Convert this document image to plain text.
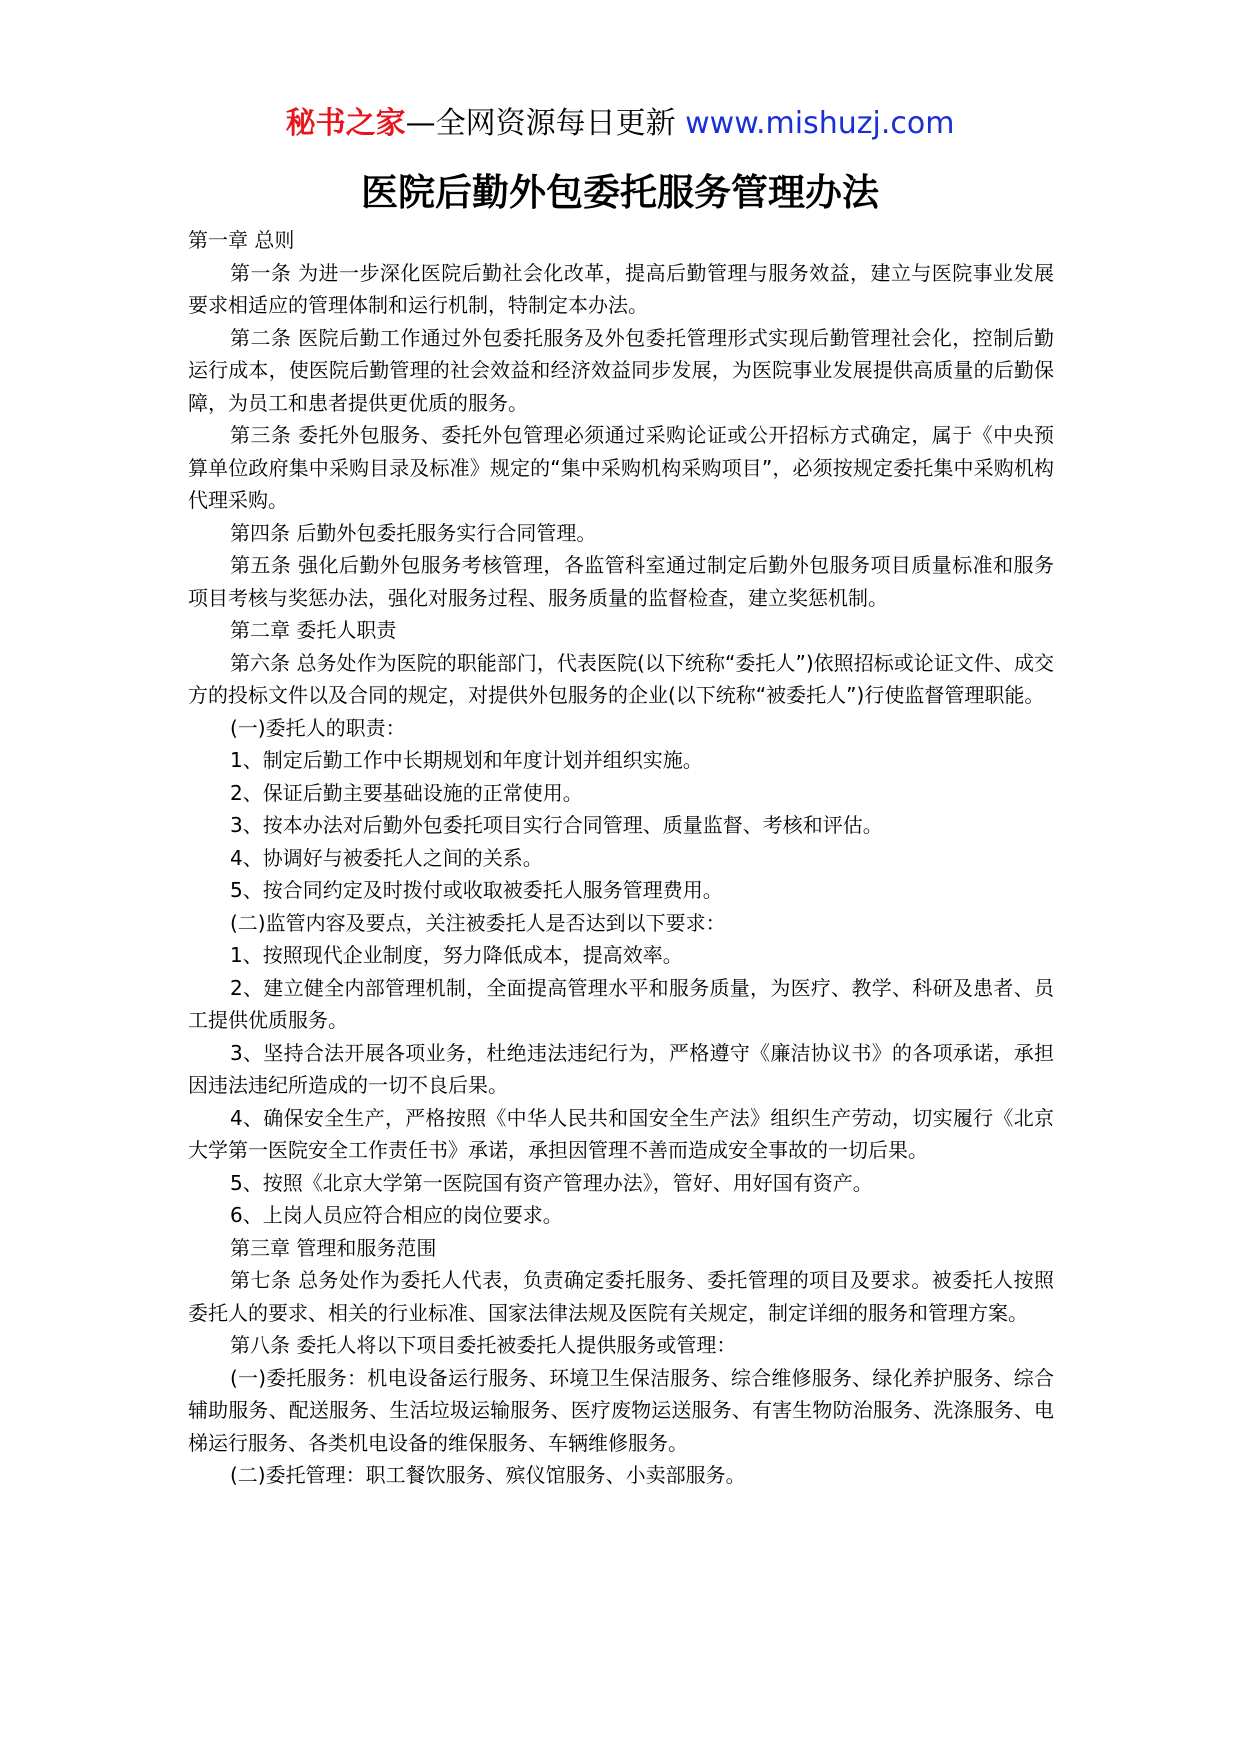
秘书之家—全网资源每日更新 www.mishuzj.com
医院后勤外包委托服务管理办法

第一章 总则

第一条 为进一步深化医院后勤社会化改革，提高后勤管理与服务效益，建立与医院事业发展要求相适应的管理体制和运行机制，特制定本办法。

第二条 医院后勤工作通过外包委托服务及外包委托管理形式实现后勤管理社会化，控制后勤运行成本，使医院后勤管理的社会效益和经济效益同步发展，为医院事业发展提供高质量的后勤保障，为员工和患者提供更优质的服务。

第三条 委托外包服务、委托外包管理必须通过采购论证或公开招标方式确定，属于《中央预算单位政府集中采购目录及标准》规定的“集中采购机构采购项目”，必须按规定委托集中采购机构代理采购。

第四条 后勤外包委托服务实行合同管理。

第五条 强化后勤外包服务考核管理，各监管科室通过制定后勤外包服务项目质量标准和服务项目考核与奖惩办法，强化对服务过程、服务质量的监督检查，建立奖惩机制。

第二章 委托人职责

第六条 总务处作为医院的职能部门，代表医院(以下统称“委托人”)依照招标或论证文件、成交方的投标文件以及合同的规定，对提供外包服务的企业(以下统称“被委托人”)行使监督管理职能。

(一)委托人的职责：

1、制定后勤工作中长期规划和年度计划并组织实施。

2、保证后勤主要基础设施的正常使用。

3、按本办法对后勤外包委托项目实行合同管理、质量监督、考核和评估。

4、协调好与被委托人之间的关系。

5、按合同约定及时拨付或收取被委托人服务管理费用。

(二)监管内容及要点，关注被委托人是否达到以下要求：

1、按照现代企业制度，努力降低成本，提高效率。

2、建立健全内部管理机制，全面提高管理水平和服务质量，为医疗、教学、科研及患者、员工提供优质服务。

3、坚持合法开展各项业务，杜绝违法违纪行为，严格遵守《廉洁协议书》的各项承诺，承担因违法违纪所造成的一切不良后果。

4、确保安全生产，严格按照《中华人民共和国安全生产法》组织生产劳动，切实履行《北京大学第一医院安全工作责任书》承诺，承担因管理不善而造成安全事故的一切后果。

5、按照《北京大学第一医院国有资产管理办法》，管好、用好国有资产。

6、上岗人员应符合相应的岗位要求。

第三章 管理和服务范围

第七条 总务处作为委托人代表，负责确定委托服务、委托管理的项目及要求。被委托人按照委托人的要求、相关的行业标准、国家法律法规及医院有关规定，制定详细的服务和管理方案。

第八条 委托人将以下项目委托被委托人提供服务或管理：

(一)委托服务：机电设备运行服务、环境卫生保洁服务、综合维修服务、绿化养护服务、综合辅助服务、配送服务、生活垃圾运输服务、医疗废物运送服务、有害生物防治服务、洗涤服务、电梯运行服务、各类机电设备的维保服务、车辆维修服务。

(二)委托管理：职工餐饮服务、殡仪馆服务、小卖部服务。
